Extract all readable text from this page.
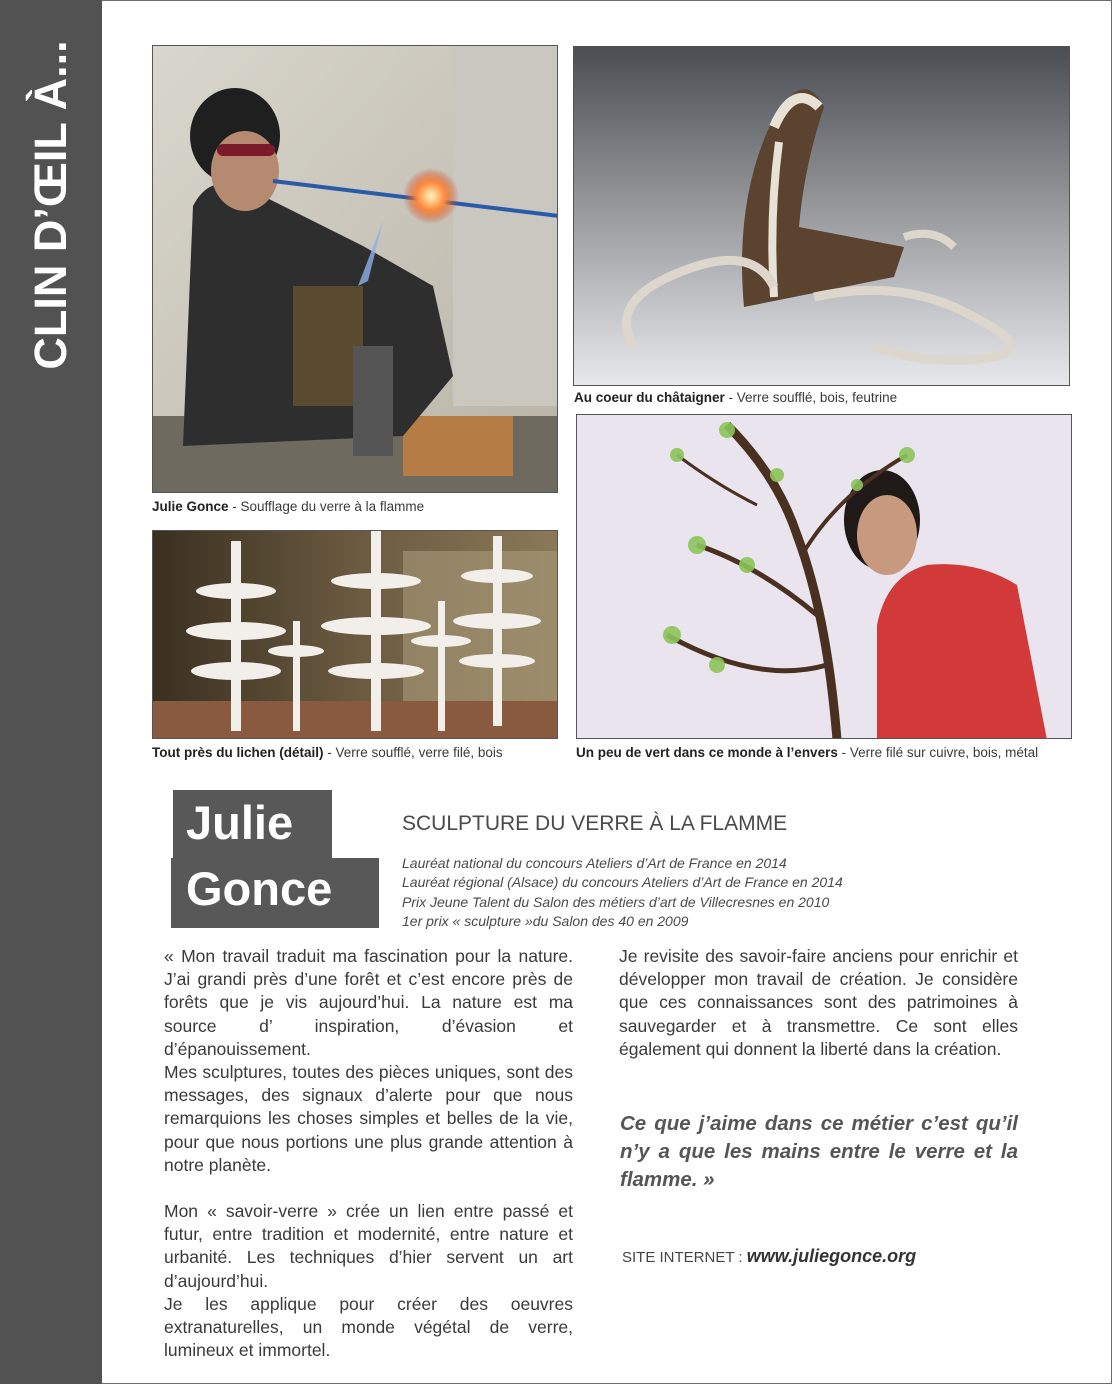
CLIN D’ŒIL À...
Julie Gonce - Soufflage du verre à la flamme
Au coeur du châtaigner - Verre soufflé, bois, feutrine
Tout près du lichen (détail) - Verre soufflé, verre filé, bois	Un peu de vert dans ce monde à l’envers - Verre filé sur cuivre, bois, métal
Julie
Gonce
SCULPTURE DU VERRE À LA FLAMME
Lauréat national du concours Ateliers d’Art de France en 2014
Lauréat régional (Alsace) du concours Ateliers d’Art de France en 2014
Prix Jeune Talent du Salon des métiers d’art de Villecresnes en 2010
1er prix « sculpture »du Salon des 40 en 2009

« Mon travail traduit ma fascination pour la nature. J’ai grandi près d’une forêt et c’est encore près de forêts que je vis aujourd’hui. La nature est ma source d’ inspiration, d’évasion et d’épanouissement.

Mes sculptures, toutes des pièces uniques, sont des messages, des signaux d’alerte pour que nous remarquions les choses simples et belles de la vie, pour que nous portions une plus grande attention à notre planète.

Mon « savoir-verre » crée un lien entre passé et futur, entre tradition et modernité, entre nature et urbanité. Les techniques d’hier servent un art d’aujourd’hui.

Je les applique pour créer des oeuvres extranaturelles, un monde végétal de verre, lumineux et immortel.

Je revisite des savoir-faire anciens pour enrichir et développer mon travail de création. Je considère que ces connaissances sont des patrimoines à sauvegarder et à transmettre. Ce sont elles également qui donnent la liberté dans la création.

Ce que j’aime dans ce métier c’est qu’il n’y a que les mains entre le verre et la flamme. »
SITE INTERNET : www.juliegonce.org
